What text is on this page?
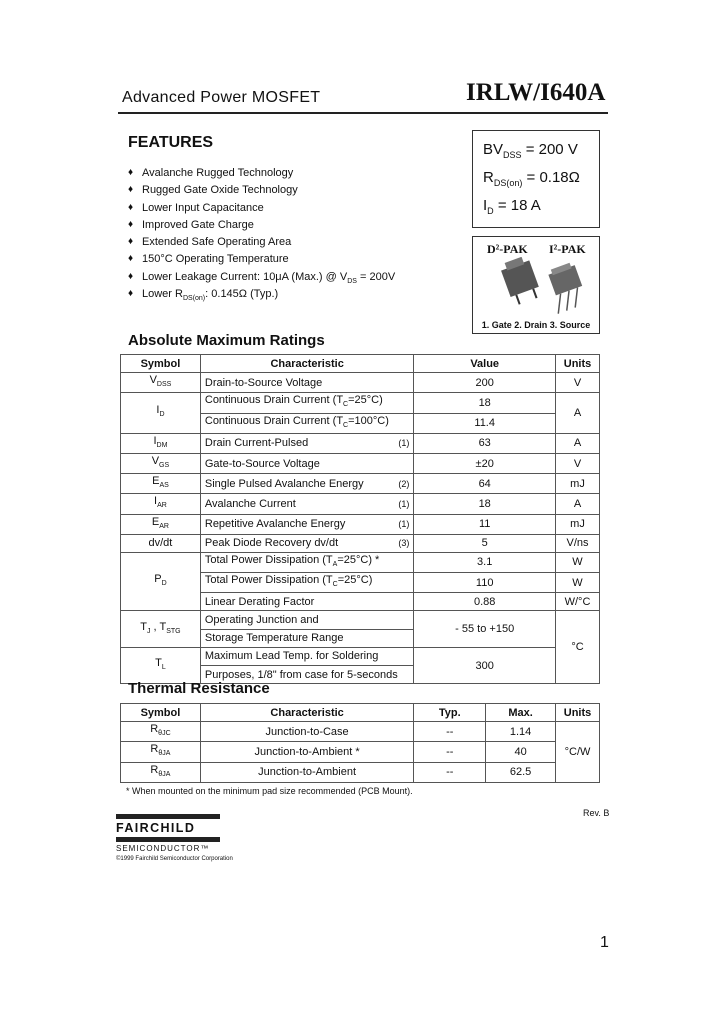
Advanced Power MOSFET	IRLW/I640A
FEATURES
♦ Avalanche Rugged Technology
♦ Rugged Gate Oxide Technology
♦ Lower Input Capacitance
♦ Improved Gate Charge
♦ Extended Safe Operating Area
♦ 150°C Operating Temperature
♦ Lower Leakage Current: 10μA (Max.) @ $V_{DS} = 200V$
♦ Lower $R_{DS(on)}$: 0.145Ω (Typ.)
$BV_{DSS} = 200$ V
$R_{DS(on)} = 0.18\Omega$
$I_D = 18$ A
D²-PAK I²-PAK
1. Gate 2. Drain 3. Source
Absolute Maximum Ratings
Symbol	Characteristic	Value	Units
$V_{DSS}$	Drain-to-Source Voltage	200	V
$I_D$	Continuous Drain Current $(T_C=25^\circ C)$	18	A
	Continuous Drain Current $(T_C=100^\circ C)$	11.4	
$I_{DM}$	Drain Current-Pulsed (1)	63	A
$V_{GS}$	Gate-to-Source Voltage	±20	V
$E_{AS}$	Single Pulsed Avalanche Energy (2)	64	mJ
$I_{AR}$	Avalanche Current (1)	18	A
$E_{AR}$	Repetitive Avalanche Energy (1)	11	mJ
dv/dt	Peak Diode Recovery dv/dt (3)	5	V/ns
$P_D$	Total Power Dissipation $(T_A=25^\circ C)$ *	3.1	W
	Total Power Dissipation $(T_C=25^\circ C)$	110	W
	Linear Derating Factor	0.88	W/°C
$T_J$ , $T_{STG}$	Operating Junction and	- 55 to +150	°C
	Storage Temperature Range		
$T_L$	Maximum Lead Temp. for Soldering	300	
	Purposes, 1/8" from case for 5-seconds		
Thermal Resistance
Symbol	Characteristic	Typ.	Max.	Units
$R_{\theta JC}$	Junction-to-Case	--	1.14	°C/W
$R_{\theta JA}$	Junction-to-Ambient *	--	40	
$R_{\theta JA}$	Junction-to-Ambient	--	62.5	
* When mounted on the minimum pad size recommended (PCB Mount).
Rev. B
FAIRCHILD
SEMICONDUCTOR™
©1999 Fairchild Semiconductor Corporation
1
